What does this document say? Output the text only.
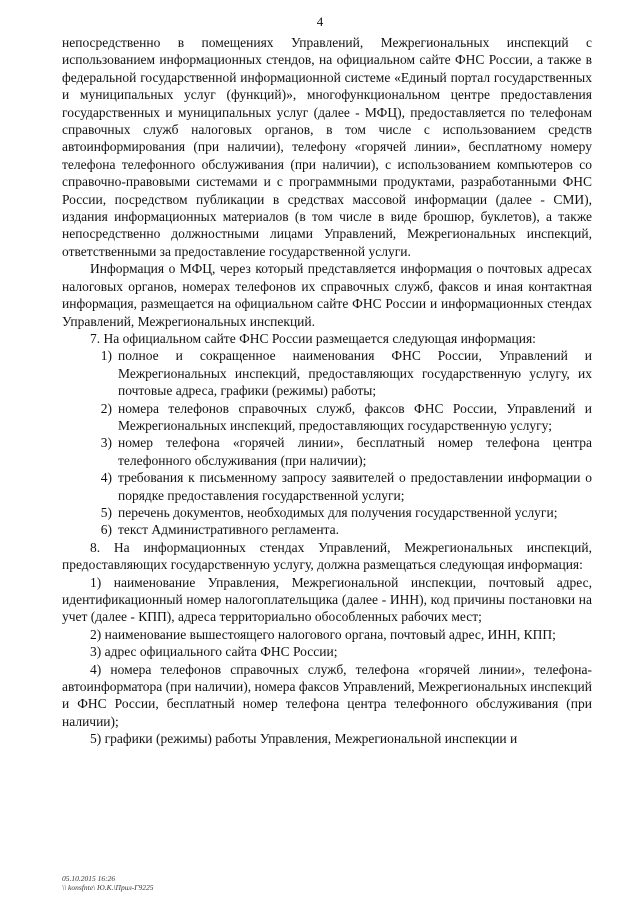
4

непосредственно в помещениях Управлений, Межрегиональных инспекций с использованием информационных стендов, на официальном сайте ФНС России, а также в федеральной государственной информационной системе «Единый портал государственных и муниципальных услуг (функций)», многофункциональном центре предоставления государственных и муниципальных услуг (далее - МФЦ), предоставляется по телефонам справочных служб налоговых органов, в том числе с использованием средств автоинформирования (при наличии), телефону «горячей линии», бесплатному номеру телефона телефонного обслуживания (при наличии), с использованием компьютеров со справочно-правовыми системами и с программными продуктами, разработанными ФНС России, посредством публикации в средствах массовой информации (далее - СМИ), издания информационных материалов (в том числе в виде брошюр, буклетов), а также непосредственно должностными лицами Управлений, Межрегиональных инспекций, ответственными за предоставление государственной услуги.

Информация о МФЦ, через который представляется информация о почтовых адресах налоговых органов, номерах телефонов их справочных служб, факсов и иная контактная информация, размещается на официальном сайте ФНС России и информационных стендах Управлений, Межрегиональных инспекций.

7. На официальном сайте ФНС России размещается следующая информация:

1) полное и сокращенное наименования ФНС России, Управлений и Межрегиональных инспекций, предоставляющих государственную услугу, их почтовые адреса, графики (режимы) работы;
2) номера телефонов справочных служб, факсов ФНС России, Управлений и Межрегиональных инспекций, предоставляющих государственную услугу;
3) номер телефона «горячей линии», бесплатный номер телефона центра телефонного обслуживания (при наличии);
4) требования к письменному запросу заявителей о предоставлении информации о порядке предоставления государственной услуги;
5) перечень документов, необходимых для получения государственной услуги;
6) текст Административного регламента.

8. На информационных стендах Управлений, Межрегиональных инспекций, предоставляющих государственную услугу, должна размещаться следующая информация:

1) наименование Управления, Межрегиональной инспекции, почтовый адрес, идентификационный номер налогоплательщика (далее - ИНН), код причины постановки на учет (далее - КПП), адреса территориально обособленных рабочих мест;

2) наименование вышестоящего налогового органа, почтовый адрес, ИНН, КПП;

3) адрес официального сайта ФНС России;

4) номера телефонов справочных служб, телефона «горячей линии», телефона-автоинформатора (при наличии), номера факсов Управлений, Межрегиональных инспекций и ФНС России, бесплатный номер телефона центра телефонного обслуживания (при наличии);

5) графики (режимы) работы Управления, Межрегиональной инспекции и

05.10.2015 16:26
\\ konsfnte\ Ю.К.\Прил-Г9225
